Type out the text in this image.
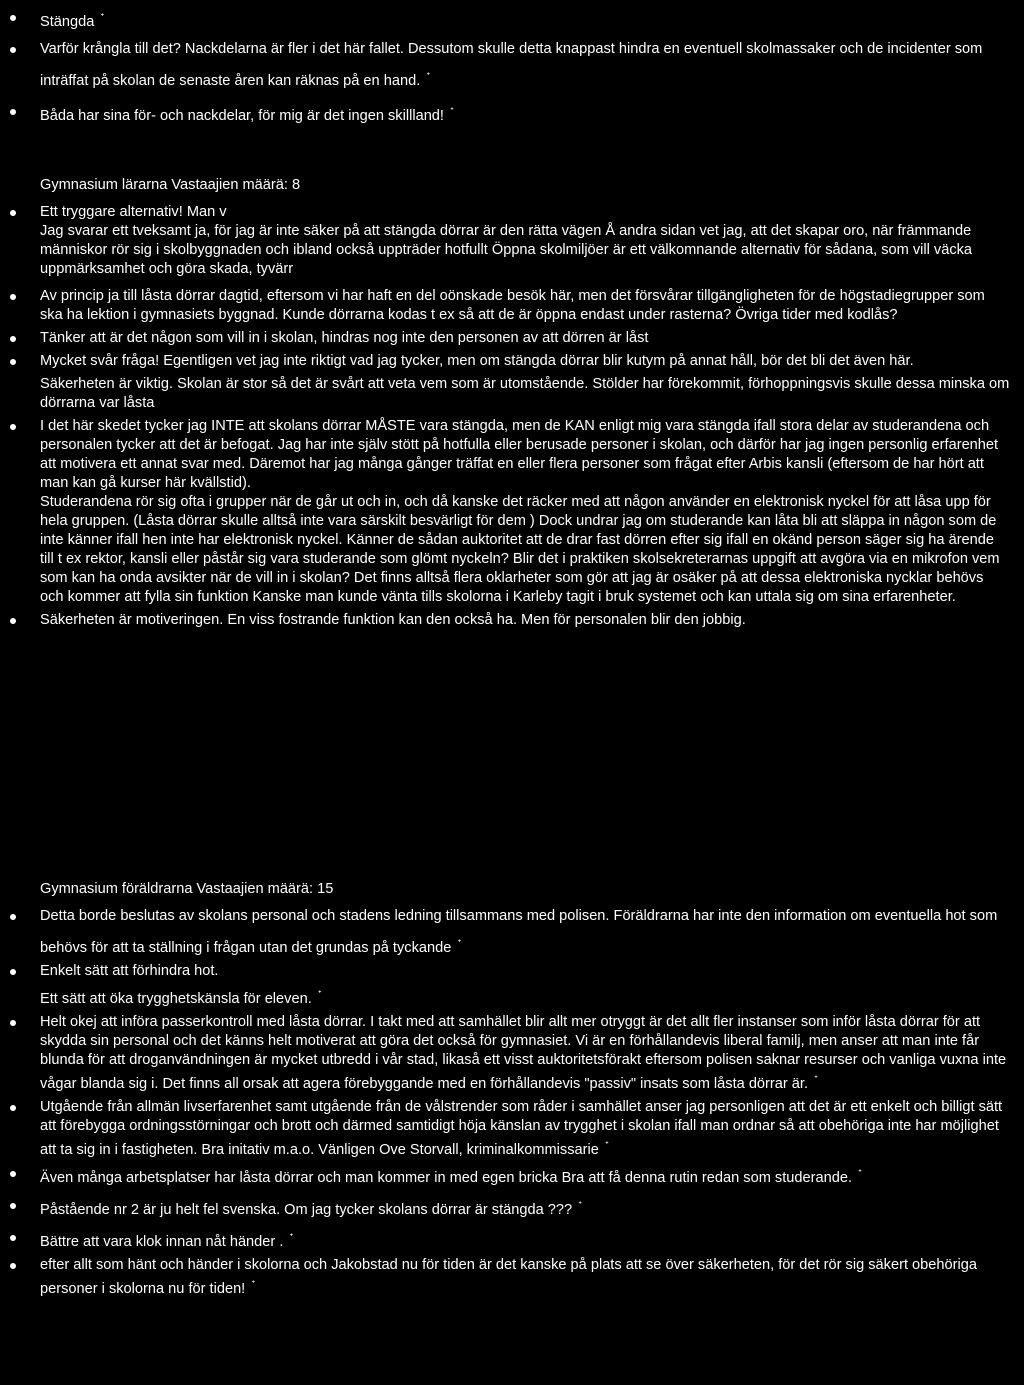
Stängda ᐩ
Varför krångla till det? Nackdelarna är fler i det här fallet. Dessutom skulle detta knappast hindra en eventuell skolmassaker och de incidenter som inträffat på skolan de senaste åren kan räknas på en hand. ᐩ
Båda har sina för- och nackdelar, för mig är det ingen skillland! ᐩ
Gymnasium lärarna Vastaajien määrä: 8
Ett tryggare alternativ! Man v
Jag svarar ett tveksamt ja, för jag är inte säker på att stängda dörrar är den rätta vägen Å andra sidan vet jag, att det skapar oro, när främmande människor rör sig i skolbyggnaden och ibland också uppträder hotfullt Öppna skolmiljöer är ett välkomnande alternativ för sådana, som vill väcka uppmärksamhet och göra skada, tyvärr
Av princip ja till låsta dörrar dagtid, eftersom vi har haft en del oönskade besök här, men det försvårar tillgängligheten för de högstadiegrupper som ska ha lektion i gymnasiets byggnad. Kunde dörrarna kodas t ex så att de är öppna endast under rasterna? Övriga tider med kodlås?
Tänker att är det någon som vill in i skolan, hindras nog inte den personen av att dörren är låst
Mycket svår fråga! Egentligen vet jag inte riktigt vad jag tycker, men om stängda dörrar blir kutym på annat håll, bör det bli det även här.
Säkerheten är viktig. Skolan är stor så det är svårt att veta vem som är utomstående. Stölder har förekommit, förhoppningsvis skulle dessa minska om dörrarna var låsta
I det här skedet tycker jag INTE att skolans dörrar MÅSTE vara stängda, men de KAN enligt mig vara stängda ifall stora delar av studerandena och personalen tycker att det är befogat. Jag har inte själv stött på hotfulla eller berusade personer i skolan, och därför har jag ingen personlig erfarenhet att motivera ett annat svar med. Däremot har jag många gånger träffat en eller flera personer som frågat efter Arbis kansli (eftersom de har hört att man kan gå kurser här kvällstid).
Studerandena rör sig ofta i grupper när de går ut och in, och då kanske det räcker med att någon använder en elektronisk nyckel för att låsa upp för hela gruppen. (Låsta dörrar skulle alltså inte vara särskilt besvärligt för dem ) Dock undrar jag om studerande kan låta bli att släppa in någon som de inte känner ifall hen inte har elektronisk nyckel. Känner de sådan auktoritet att de drar fast dörren efter sig ifall en okänd person säger sig ha ärende till t ex rektor, kansli eller påstår sig vara studerande som glömt nyckeln? Blir det i praktiken skolsekreterarnas uppgift att avgöra via en mikrofon vem som kan ha onda avsikter när de vill in i skolan? Det finns alltså flera oklarheter som gör att jag är osäker på att dessa elektroniska nycklar behövs och kommer att fylla sin funktion Kanske man kunde vänta tills skolorna i Karleby tagit i bruk systemet och kan uttala sig om sina erfarenheter.
Säkerheten är motiveringen. En viss fostrande funktion kan den också ha. Men för personalen blir den jobbig.
Gymnasium föräldrarna Vastaajien määrä: 15
Detta borde beslutas av skolans personal och stadens ledning tillsammans med polisen. Föräldrarna har inte den information om eventuella hot som behövs för att ta ställning i frågan utan det grundas på tyckande ᐩ
Enkelt sätt att förhindra hot.
Ett sätt att öka trygghetskänsla för eleven. ᐩ
Helt okej att införa passerkontroll med låsta dörrar. I takt med att samhället blir allt mer otryggt är det allt fler instanser som inför låsta dörrar för att skydda sin personal och det känns helt motiverat att göra det också för gymnasiet. Vi är en förhållandevis liberal familj, men anser att man inte får blunda för att droganvändningen är mycket utbredd i vår stad, likaså ett visst auktoritetsförakt eftersom polisen saknar resurser och vanliga vuxna inte vågar blanda sig i. Det finns all orsak att agera förebyggande med en förhållandevis "passiv" insats som låsta dörrar är. ᐩ
Utgående från allmän livserfarenhet samt utgående från de vålstrender som råder i samhället anser jag personligen att det är ett enkelt och billigt sätt att förebygga ordningsstörningar och brott och därmed samtidigt höja känslan av trygghet i skolan ifall man ordnar så att obehöriga inte har möjlighet att ta sig in i fastigheten. Bra initativ m.a.o. Vänligen Ove Storvall, kriminalkommissarie ᐩ
Även många arbetsplatser har låsta dörrar och man kommer in med egen bricka Bra att få denna rutin redan som studerande. ᐩ
Påstående nr 2 är ju helt fel svenska. Om jag tycker skolans dörrar är stängda ??? ᐩ
Bättre att vara klok innan nåt händer . ᐩ
efter allt som hänt och händer i skolorna och Jakobstad nu för tiden är det kanske på plats att se över säkerheten, för det rör sig säkert obehöriga personer i skolorna nu för tiden! ᐩ
